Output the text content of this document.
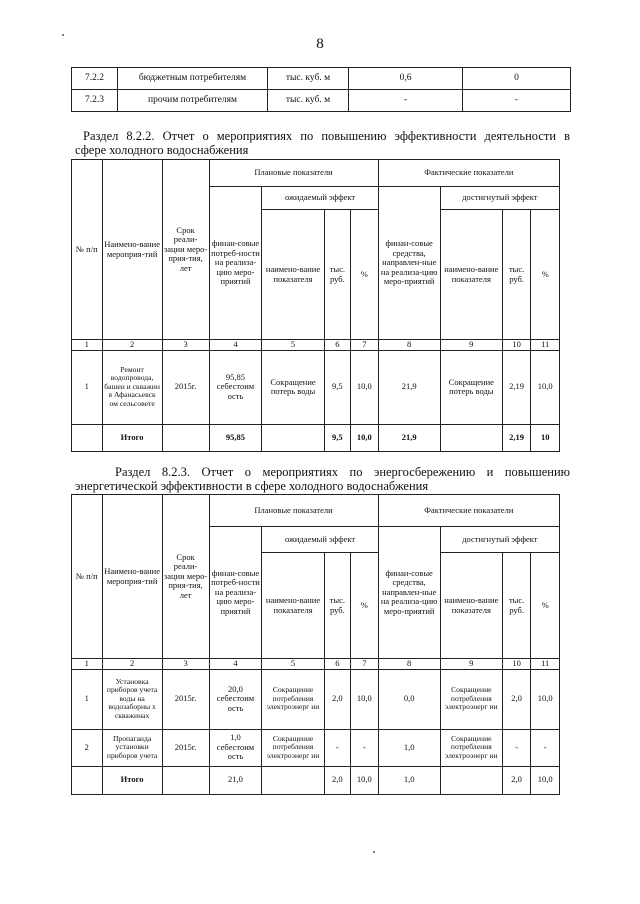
8
7.2.2	бюджетным потребителям	тыс. куб. м	0,6	0
7.2.3	прочим потребителям	тыс. куб. м	-	-
Раздел 8.2.2. Отчет о мероприятиях по повышению эффективности деятельности в
сфере холодного водоснабжения
№ п/п	Наимено-вание мероприя-тий	Срок реали-зации меро-прия-тия, лет	Плановые показатели				Фактические показатели			
			финан-совые потреб-ности на реализа-цию меро-приятий	ожидаемый эффект			финан-совые средства, направлен-ные на реализа-цию меро-приятий	достигнутый эффект		
				наимено-вание показателя	тыс. руб.	%		наимено-вание показателя	тыс. руб.	%
1	2	3	4	5	6	7	8	9	10	11
1	Ремонт водопровода, башен и скважин в Афанасьевск ом сельсовете	2015г.	95,85 себестоим ость	Сокращение потерь воды	9,5	10,0	21,9	Сокращение потерь воды	2,19	10,0
	Итого		95,85		9,5	10,0	21,9		2,19	10
Раздел 8.2.3. Отчет о мероприятиях по энергосбережению и повышению
энергетической эффективности в сфере холодного водоснабжения
№ п/п	Наимено-вание мероприя-тий	Срок реали-зации меро-прия-тия, лет	Плановые показатели				Фактические показатели			
			финан-совые потреб-ности на реализа-цию меро-приятий	ожидаемый эффект			финан-совые средства, направлен-ные на реализа-цию меро-приятий	достигнутый эффект		
				наимено-вание показателя	тыс. руб.	%		наимено-вание показателя	тыс. руб.	%
1	2	3	4	5	6	7	8	9	10	11
1	Установка приборов учета воды на водозаборны х скважинах	2015г.	20,0 себестоим ость	Сокращение потребления электроэнерг ии	2,0	10,0	0,0	Сокращение потребления электроэнерг ии	2,0	10,0
2	Пропаганда установки приборов учета	2015г.	1,0 себестоим ость	Сокращение потребления электроэнерг ии	-	-	1,0	Сокращение потребления электроэнерг ии	-	-
	Итого		21,0		2,0	10,0	1,0		2,0	10,0
